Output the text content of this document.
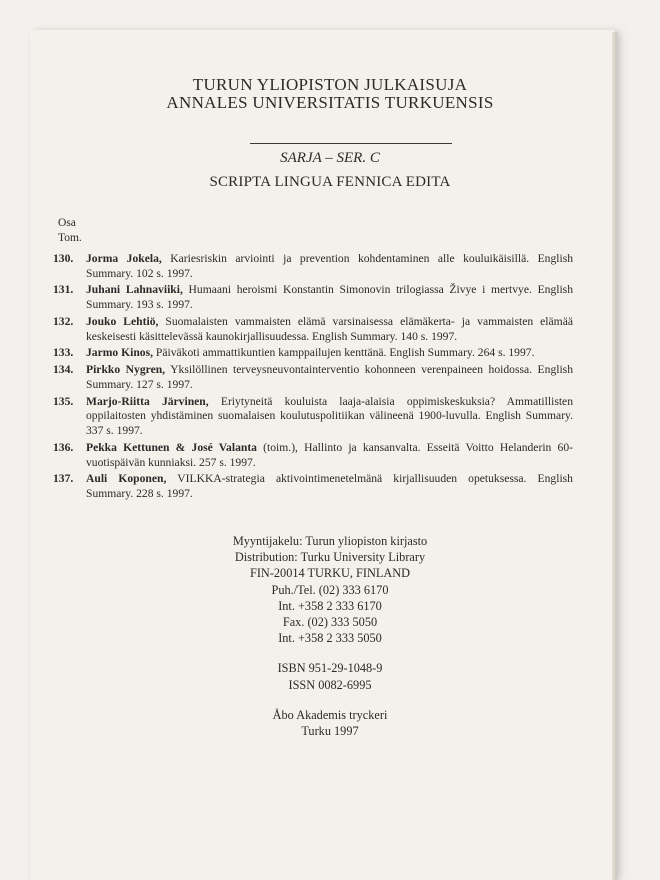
TURUN YLIOPISTON JULKAISUJA
ANNALES UNIVERSITATIS TURKUENSIS
SARJA – SER. C
SCRIPTA LINGUA FENNICA EDITA
Osa
Tom.
130.	Jorma Jokela, Kariesriskin arviointi ja prevention kohdentaminen alle kouluikäisillä. English Summary. 102 s. 1997.
131.	Juhani Lahnaviiki, Humaani heroismi Konstantin Simonovin trilogiassa Živye i mertvye. English Summary. 193 s. 1997.
132.	Jouko Lehtiö, Suomalaisten vammaisten elämä varsinaisessa elämäkerta- ja vammaisten elämää keskeisesti käsittelevässä kaunokirjallisuudessa. English Summary. 140 s. 1997.
133.	Jarmo Kinos, Päiväkoti ammattikuntien kamppailujen kenttänä. English Summary. 264 s. 1997.
134.	Pirkko Nygren, Yksilöllinen terveysneuvontainterventio kohonneen verenpaineen hoidossa. English Summary. 127 s. 1997.
135.	Marjo-Riitta Järvinen, Eriytyneitä kouluista laaja-alaisia oppimiskeskuksia? Ammatillisten oppilaitosten yhdistäminen suomalaisen koulutuspolitiikan välineenä 1900-luvulla. English Summary. 337 s. 1997.
136.	Pekka Kettunen & José Valanta (toim.), Hallinto ja kansanvalta. Esseitä Voitto Helanderin 60-vuotispäivän kunniaksi. 257 s. 1997.
137.	Auli Koponen, VILKKA-strategia aktivointimenetelmänä kirjallisuuden opetuksessa. English Summary. 228 s. 1997.
Myyntijakelu: Turun yliopiston kirjasto
Distribution: Turku University Library
FIN-20014 TURKU, FINLAND
Puh./Tel. (02) 333 6170
Int. +358 2 333 6170
Fax. (02) 333 5050
Int. +358 2 333 5050
ISBN 951-29-1048-9
ISSN 0082-6995
Åbo Akademis tryckeri
Turku 1997
